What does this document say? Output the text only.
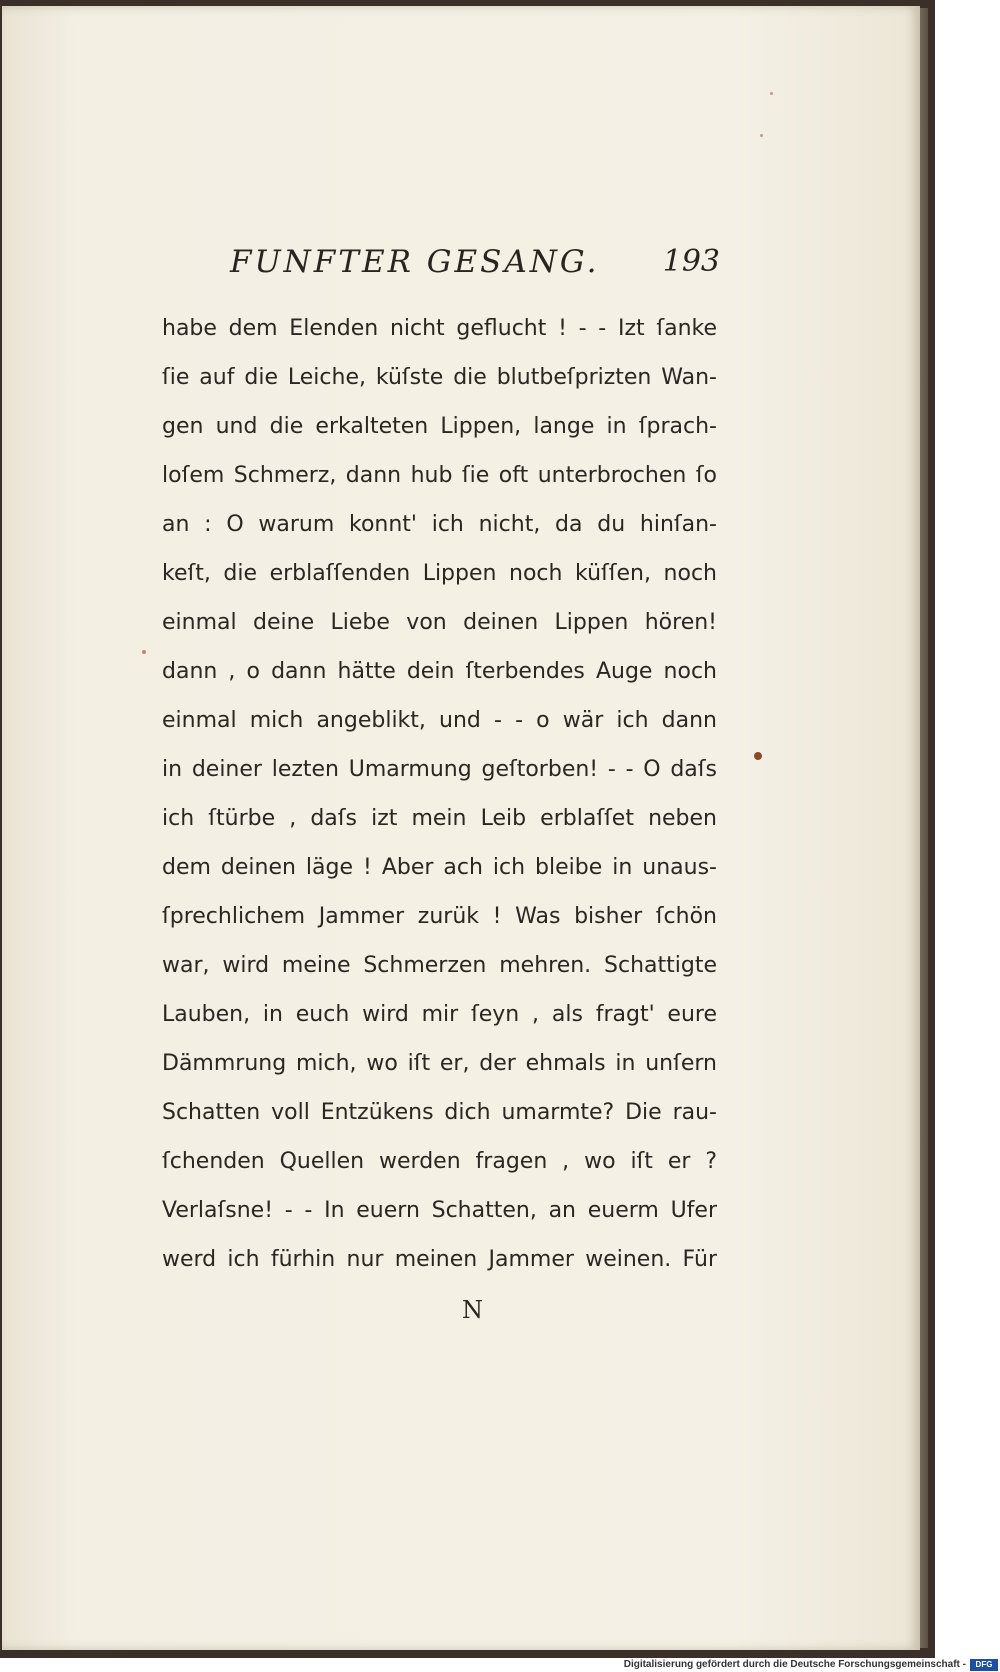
FUNFTER GESANG. 193
habe dem Elenden nicht geflucht ! - - Izt ſanke
ſie auf die Leiche, küſste die blutbeſprizten Wan-
gen und die erkalteten Lippen, lange in ſprach-
loſem Schmerz, dann hub ſie oft unterbrochen ſo
an : O warum konnt' ich nicht, da du hinſan-
keſt, die erblaſſenden Lippen noch küſſen, noch
einmal deine Liebe von deinen Lippen hören!
dann , o dann hätte dein ſterbendes Auge noch
einmal mich angeblikt, und - - o wär ich dann
in deiner lezten Umarmung geſtorben! - - O daſs
ich ſtürbe , daſs izt mein Leib erblaſſet neben
dem deinen läge ! Aber ach ich bleibe in unaus-
ſprechlichem Jammer zurük ! Was bisher ſchön
war, wird meine Schmerzen mehren. Schattigte
Lauben, in euch wird mir ſeyn , als fragt' eure
Dämmrung mich, wo iſt er, der ehmals in unſern
Schatten voll Entzükens dich umarmte? Die rau-
ſchenden Quellen werden fragen , wo iſt er ?
Verlaſsne! - - In euern Schatten, an euerm Ufer
werd ich fürhin nur meinen Jammer weinen. Für
N
Digitalisierung gefördert durch die Deutsche Forschungsgemeinschaft -	DFG
